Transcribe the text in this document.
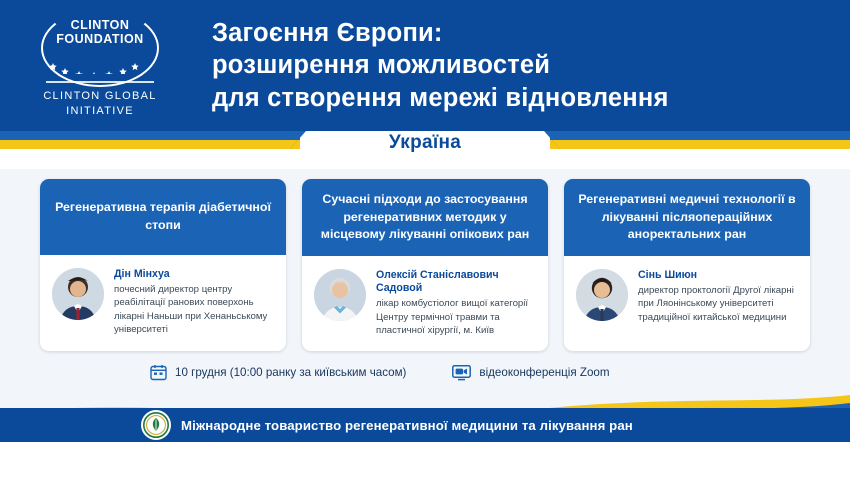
CLINTON
FOUNDATION
CLINTON GLOBAL
INITIATIVE
Загоєння Європи:
розширення можливостей
для створення мережі відновлення
Україна
Регенеративна терапія діабетичної стопи
Дін Мінхуа
почесний директор центру реабілітації ранових поверхонь лікарні Наньши при Хенаньському університеті
Сучасні підходи до застосування регенеративних методик у місцевому лікуванні опікових ран
Олексій Станіславович Садовой
лікар комбустіолог вищої категорії Центру термічної травми та пластичної хірургії, м. Київ
Регенеративні медичні технології в лікуванні післяопераційних аноректальних ран
Сінь Шиюн
директор проктології Другої лікарні при Ляонінському університеті традиційної китайської медицини
10 грудня (10:00 ранку за київським часом)	відеоконференція Zoom
Міжнародне товариство регенеративної медицини та лікування ран
